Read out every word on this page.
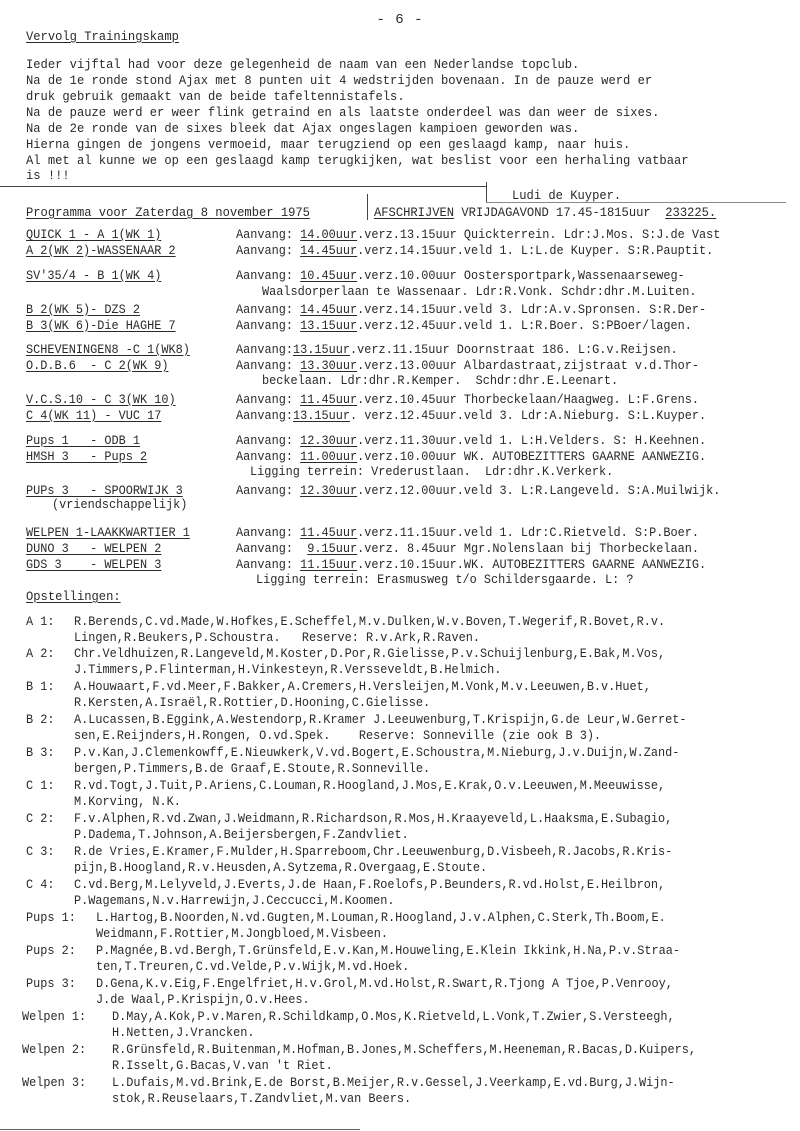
- 6 -
Vervolg Trainingskamp
Ieder vijftal had voor deze gelegenheid de naam van een Nederlandse topclub.
Na de 1e ronde stond Ajax met 8 punten uit 4 wedstrijden bovenaan. In de pauze werd er
druk gebruik gemaakt van de beide tafeltennistafels.
Na de pauze werd er weer flink getraind en als laatste onderdeel was dan weer de sixes.
Na de 2e ronde van de sixes bleek dat Ajax ongeslagen kampioen geworden was.
Hierna gingen de jongens vermoeid, maar terugziend op een geslaagd kamp, naar huis.
Al met al kunne we op een geslaagd kamp terugkijken, wat beslist voor een herhaling vatbaar
is !!!
Ludi de Kuyper.
Programma voor Zaterdag 8 november 1975	AFSCHRIJVEN VRIJDAGAVOND 17.45-1815uur 233225.
QUICK 1 - A 1(WK 1)	Aanvang: 14.00uur.verz.13.15uur Quickterrein. Ldr:J.Mos. S:J.de Vast
A 2(WK 2)-WASSENAAR 2	Aanvang: 14.45uur.verz.14.15uur.veld 1. L:L.de Kuyper. S:R.Pauptit.
SV'35/4 - B 1(WK 4)	Aanvang: 10.45uur.verz.10.00uur Oostersportpark,Wassenaarseweg-
Waalsdorperlaan te Wassenaar. Ldr:R.Vonk. Schdr:dhr.M.Luiten.
B 2(WK 5)- DZS 2	Aanvang: 14.45uur.verz.14.15uur.veld 3. Ldr:A.v.Spronsen. S:R.Der-
B 3(WK 6)-Die HAGHE 7	Aanvang: 13.15uur.verz.12.45uur.veld 1. L:R.Boer. S:PBoer/lagen.
SCHEVENINGEN8 -C 1(WK8)	Aanvang:13.15uur.verz.11.15uur Doornstraat 186. L:G.v.Reijsen.
O.D.B.6  - C 2(WK 9)	Aanvang: 13.30uur.verz.13.00uur Albardastraat,zijstraat v.d.Thor-
beckelaan. Ldr:dhr.R.Kemper.  Schdr:dhr.E.Leenart.
V.C.S.10 - C 3(WK 10)	Aanvang: 11.45uur.verz.10.45uur Thorbeckelaan/Haagweg. L:F.Grens.
C 4(WK 11) - VUC 17	Aanvang:13.15uur. verz.12.45uur.veld 3. Ldr:A.Nieburg. S:L.Kuyper.
Pups 1   - ODB 1	Aanvang: 12.30uur.verz.11.30uur.veld 1. L:H.Velders. S: H.Keehnen.
HMSH 3   - Pups 2	Aanvang: 11.00uur.verz.10.00uur WK. AUTOBEZITTERS GAARNE AANWEZIG.
Ligging terrein: Vrederustlaan.  Ldr:dhr.K.Verkerk.
PUPs 3   - SPOORWIJK 3	Aanvang: 12.30uur.verz.12.00uur.veld 3. L:R.Langeveld. S:A.Muilwijk.
(vriendschappelijk)
WELPEN 1-LAAKKWARTIER 1	Aanvang: 11.45uur.verz.11.15uur.veld 1. Ldr:C.Rietveld. S:P.Boer.
DUNO 3   - WELPEN 2	Aanvang:  9.15uur.verz. 8.45uur Mgr.Nolenslaan bij Thorbeckelaan.
GDS 3    - WELPEN 3	Aanvang: 11.15uur.verz.10.15uur.WK. AUTOBEZITTERS GAARNE AANWEZIG.
Ligging terrein: Erasmusweg t/o Schildersgaarde. L: ?
Opstellingen:
A 1: R.Berends,C.vd.Made,W.Hofkes,E.Scheffel,M.v.Dulken,W.v.Boven,T.Wegerif,R.Bovet,R.v.
Lingen,R.Beukers,P.Schoustra.   Reserve: R.v.Ark,R.Raven.
A 2: Chr.Veldhuizen,R.Langeveld,M.Koster,D.Por,R.Gielisse,P.v.Schuijlenburg,E.Bak,M.Vos,
J.Timmers,P.Flinterman,H.Vinkesteyn,R.Versseveldt,B.Helmich.
B 1: A.Houwaart,F.vd.Meer,F.Bakker,A.Cremers,H.Versleijen,M.Vonk,M.v.Leeuwen,B.v.Huet,
R.Kersten,A.Israël,R.Rottier,D.Hooning,C.Gielisse.
B 2: A.Lucassen,B.Eggink,A.Westendorp,R.Kramer J.Leeuwenburg,T.Krispijn,G.de Leur,W.Gerret-
sen,E.Reijnders,H.Rongen, O.vd.Spek.    Reserve: Sonneville (zie ook B 3).
B 3: P.v.Kan,J.Clemenkowff,E.Nieuwkerk,V.vd.Bogert,E.Schoustra,M.Nieburg,J.v.Duijn,W.Zand-
bergen,P.Timmers,B.de Graaf,E.Stoute,R.Sonneville.
C 1: R.vd.Togt,J.Tuit,P.Ariens,C.Louman,R.Hoogland,J.Mos,E.Krak,O.v.Leeuwen,M.Meeuwisse,
M.Korving, N.K.
C 2: F.v.Alphen,R.vd.Zwan,J.Weidmann,R.Richardson,R.Mos,H.Kraayeveld,L.Haaksma,E.Subagio,
P.Dadema,T.Johnson,A.Beijersbergen,F.Zandvliet.
C 3: R.de Vries,E.Kramer,F.Mulder,H.Sparreboom,Chr.Leeuwenburg,D.Visbeeh,R.Jacobs,R.Kris-
pijn,B.Hoogland,R.v.Heusden,A.Sytzema,R.Overgaag,E.Stoute.
C 4: C.vd.Berg,M.Lelyveld,J.Everts,J.de Haan,F.Roelofs,P.Beunders,R.vd.Holst,E.Heilbron,
P.Wagemans,N.v.Harrewijn,J.Ceccucci,M.Koomen.
Pups 1: L.Hartog,B.Noorden,N.vd.Gugten,M.Louman,R.Hoogland,J.v.Alphen,C.Sterk,Th.Boom,E.
Weidmann,F.Rottier,M.Jongbloed,M.Visbeen.
Pups 2: P.Magnée,B.vd.Bergh,T.Grünsfeld,E.v.Kan,M.Houweling,E.Klein Ikkink,H.Na,P.v.Straa-
ten,T.Treuren,C.vd.Velde,P.v.Wijk,M.vd.Hoek.
Pups 3: D.Gena,K.v.Eig,F.Engelfriet,H.v.Grol,M.vd.Holst,R.Swart,R.Tjong A Tjoe,P.Venrooy,
J.de Waal,P.Krispijn,O.v.Hees.
Welpen 1: D.May,A.Kok,P.v.Maren,R.Schildkamp,O.Mos,K.Rietveld,L.Vonk,T.Zwier,S.Versteegh,
H.Netten,J.Vrancken.
Welpen 2: R.Grünsfeld,R.Buitenman,M.Hofman,B.Jones,M.Scheffers,M.Heeneman,R.Bacas,D.Kuipers,
R.Isselt,G.Bacas,V.van 't Riet.
Welpen 3: L.Dufais,M.vd.Brink,E.de Borst,B.Meijer,R.v.Gessel,J.Veerkamp,E.vd.Burg,J.Wijn-
stok,R.Reuselaars,T.Zandvliet,M.van Beers.
